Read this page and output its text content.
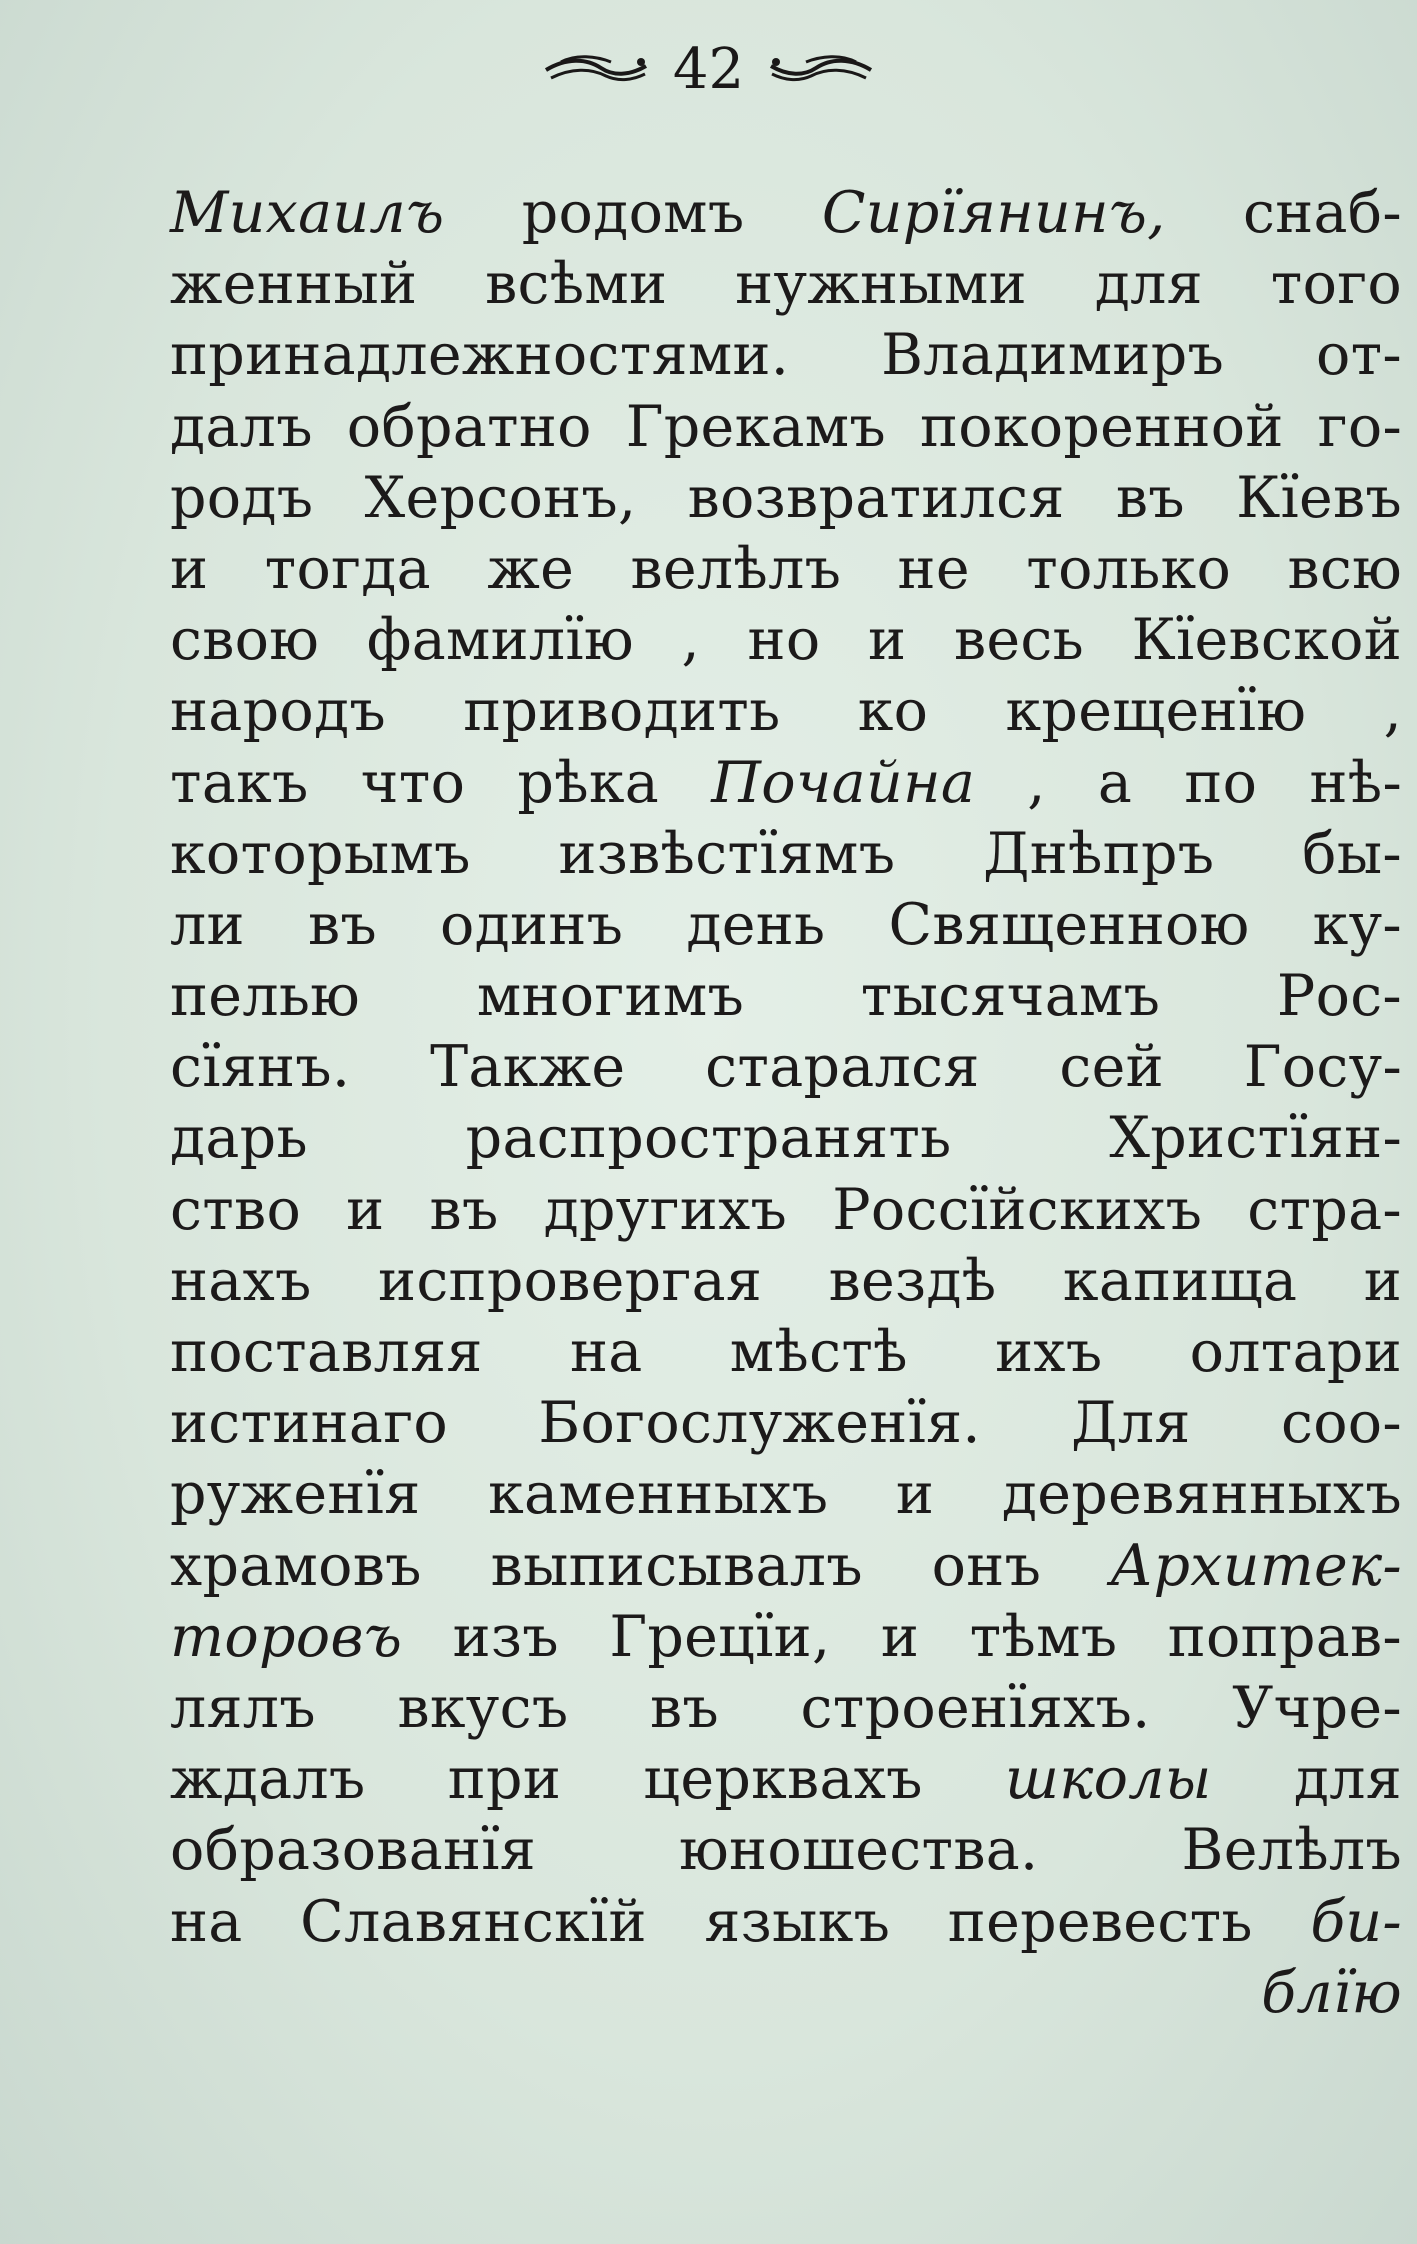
42
Михаилъ родомъ Сирїянинъ, снаб-
женный всѣми нужными для того
принадлежностями. Владимиръ от-
далъ обратно Грекамъ покоренной го-
родъ Херсонъ, возвратился въ Кїевъ
и тогда же велѣлъ не только всю
свою фамилїю , но и весь Кїевской
народъ приводить ко крещенїю ,
такъ что рѣка Почайна , а по нѣ-
которымъ извѣстїямъ Днѣпръ бы-
ли въ одинъ день Священною ку-
пелью многимъ тысячамъ Рос-
сїянъ. Также старался сей Госу-
дарь распространять Христїян-
ство и въ другихъ Россїйскихъ стра-
нахъ испровергая вездѣ капища и
поставляя на мѣстѣ ихъ олтари
истинаго Богослуженїя. Для соо-
руженїя каменныхъ и деревянныхъ
храмовъ выписывалъ онъ Архитек-
торовъ изъ Грецїи, и тѣмъ поправ-
лялъ вкусъ въ строенїяхъ. Учре-
ждалъ при церквахъ школы для
образованїя юношества. Велѣлъ
на Славянскїй языкъ перевесть би-
блїю
